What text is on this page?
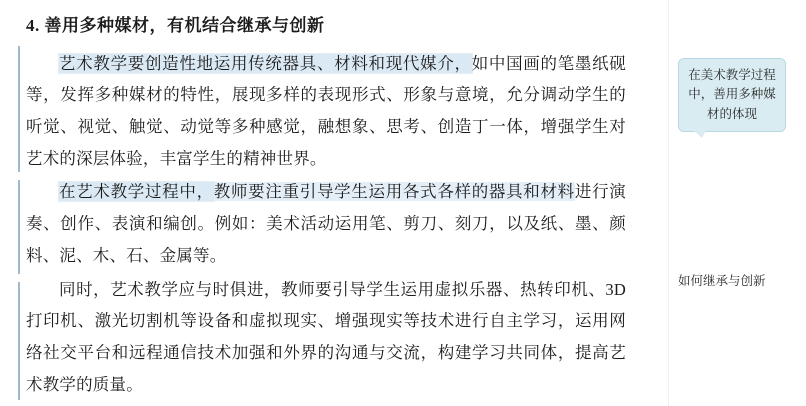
4. 善用多种媒材，有机结合继承与创新

艺术教学要创造性地运用传统器具、材料和现代媒介，如中国画的笔墨纸砚等，发挥多种媒材的特性，展现多样的表现形式、形象与意境，允分调动学生的听觉、视觉、触觉、动觉等多种感觉，融想象、思考、创造丁一体，增强学生对艺术的深层体验，丰富学生的精神世界。

在艺术教学过程中，教师要注重引导学生运用各式各样的器具和材料进行演奏、创作、表演和编创。例如：美术活动运用笔、剪刀、刻刀，以及纸、墨、颜料、泥、木、石、金属等。

同时，艺术教学应与时俱进，教师要引导学生运用虚拟乐器、热转印机、3D打印机、激光切割机等设备和虚拟现实、增强现实等技术进行自主学习，运用网络社交平台和远程通信技术加强和外界的沟通与交流，构建学习共同体，提高艺术教学的质量。

在美术教学过程中，善用多种媒材的体现
如何继承与创新
